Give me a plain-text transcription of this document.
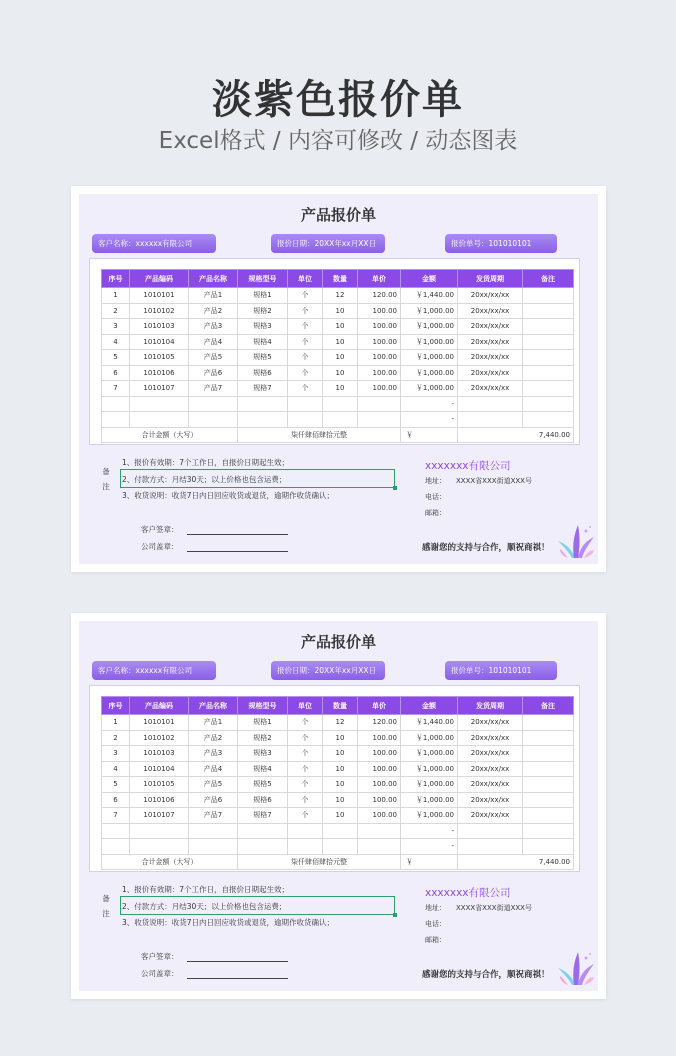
淡紫色报价单
Excel格式 / 内容可修改 / 动态图表
产品报价单
客户名称：xxxxxx有限公司	报价日期：20XX年xx月XX日	报价单号：101010101
序号	产品编码	产品名称	规格型号	单位	数量	单价	金额	发货周期	备注
1	1010101	产品1	规格1	个	12	120.00	￥1,440.00	20xx/xx/xx	
2	1010102	产品2	规格2	个	10	100.00	￥1,000.00	20xx/xx/xx	
3	1010103	产品3	规格3	个	10	100.00	￥1,000.00	20xx/xx/xx	
4	1010104	产品4	规格4	个	10	100.00	￥1,000.00	20xx/xx/xx	
5	1010105	产品5	规格5	个	10	100.00	￥1,000.00	20xx/xx/xx	
6	1010106	产品6	规格6	个	10	100.00	￥1,000.00	20xx/xx/xx	
7	1010107	产品7	规格7	个	10	100.00	￥1,000.00	20xx/xx/xx	
							-		
							-		
合计金额（大写）			柒仟肆佰肆拾元整				￥	7,440.00	
备
注
1、报价有效期：7个工作日，自报价日期起生效；
2、付款方式：月结30天；以上价格也包含运费；
3、收货说明：收货7日内日回应收货或退货，逾期作收货确认；
xxxxxxx有限公司
地址： XXXX省XXX街道XXX号
电话：
邮箱：
客户签章：
公司盖章：	感谢您的支持与合作，顺祝商祺！
产品报价单
客户名称：xxxxxx有限公司	报价日期：20XX年xx月XX日	报价单号：101010101
序号	产品编码	产品名称	规格型号	单位	数量	单价	金额	发货周期	备注
1	1010101	产品1	规格1	个	12	120.00	￥1,440.00	20xx/xx/xx	
2	1010102	产品2	规格2	个	10	100.00	￥1,000.00	20xx/xx/xx	
3	1010103	产品3	规格3	个	10	100.00	￥1,000.00	20xx/xx/xx	
4	1010104	产品4	规格4	个	10	100.00	￥1,000.00	20xx/xx/xx	
5	1010105	产品5	规格5	个	10	100.00	￥1,000.00	20xx/xx/xx	
6	1010106	产品6	规格6	个	10	100.00	￥1,000.00	20xx/xx/xx	
7	1010107	产品7	规格7	个	10	100.00	￥1,000.00	20xx/xx/xx	
							-		
							-		
合计金额（大写）			柒仟肆佰肆拾元整				￥	7,440.00	
备
注
1、报价有效期：7个工作日，自报价日期起生效；
2、付款方式：月结30天；以上价格也包含运费；
3、收货说明：收货7日内日回应收货或退货，逾期作收货确认；
xxxxxxx有限公司
地址： XXXX省XXX街道XXX号
电话：
邮箱：
客户签章：
公司盖章：	感谢您的支持与合作，顺祝商祺！
